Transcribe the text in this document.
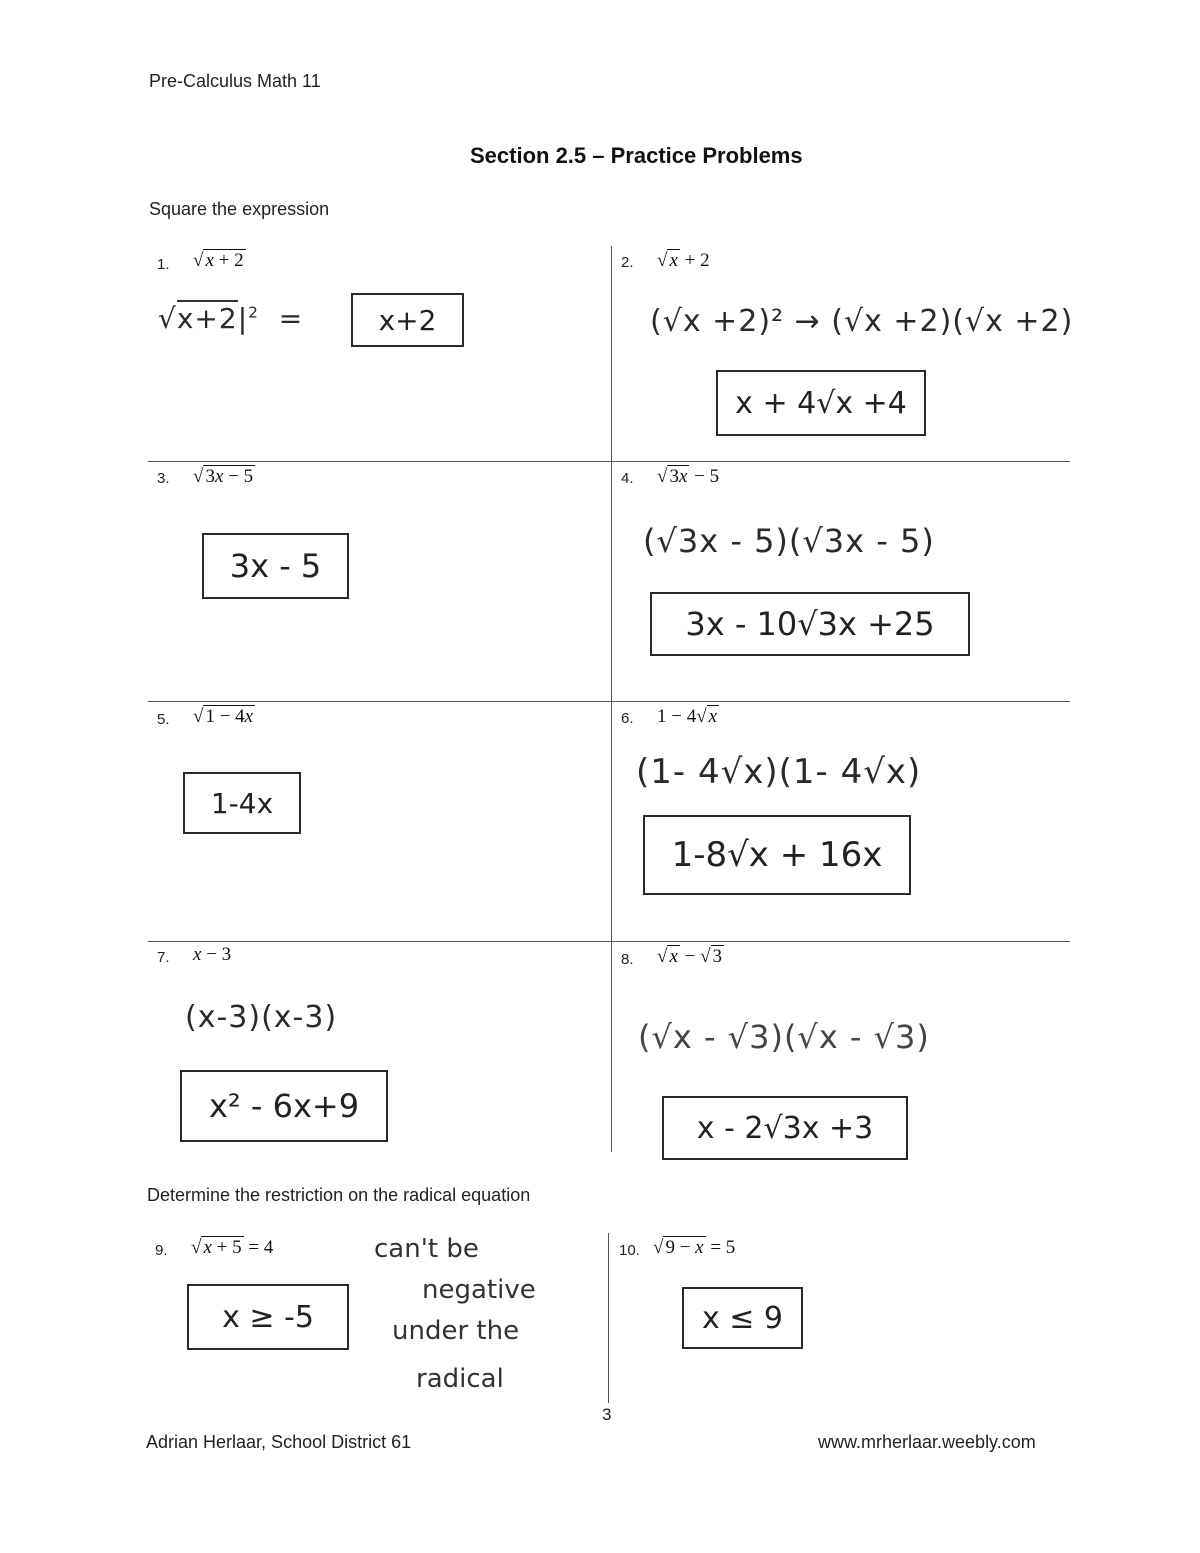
Pre-Calculus Math 11
Section 2.5 – Practice Problems
Square the expression
1. √ x + 2
$√x+2|^2$  =	x+2
2. √ x + 2
(√x +2)² → (√x +2)(√x +2)
x + 4√x +4
3. √ 3x − 5
3x - 5
4. √ 3x − 5
(√3x - 5)(√3x - 5)
3x - 10√3x +25
5. √ 1 − 4x
1-4x
6. 1 − 4√ x
(1- 4√x)(1- 4√x)
1-8√x + 16x
7. x − 3
(x-3)(x-3)
x² - 6x+9
8. √ x − √ 3
(√x - √3)(√x - √3)
x - 2√3x +3
Determine the restriction on the radical equation
9. √ x + 5 = 4
x ≥ -5
can't be
negative
under the
radical
10. √ 9 − x = 5
x ≤ 9
3
Adrian Herlaar, School District 61	www.mrherlaar.weebly.com
